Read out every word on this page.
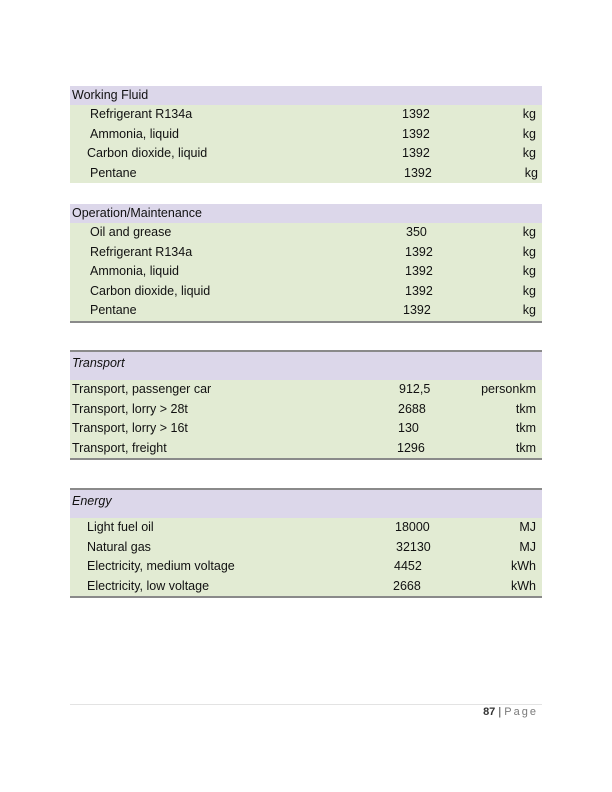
Working Fluid
Refrigerant R134a	1392	kg
Ammonia, liquid	1392	kg
Carbon dioxide, liquid	1392	kg
Pentane	1392	kg
Operation/Maintenance
Oil and grease	350	kg
Refrigerant R134a	1392	kg
Ammonia, liquid	1392	kg
Carbon dioxide, liquid	1392	kg
Pentane	1392	kg
Transport
Transport, passenger car	912,5	personkm
Transport, lorry > 28t	2688	tkm
Transport, lorry > 16t	130	tkm
Transport, freight	1296	tkm
Energy
Light fuel oil	18000	MJ
Natural gas	32130	MJ
Electricity, medium voltage	4452	kWh
Electricity, low voltage	2668	kWh
87 | Page
